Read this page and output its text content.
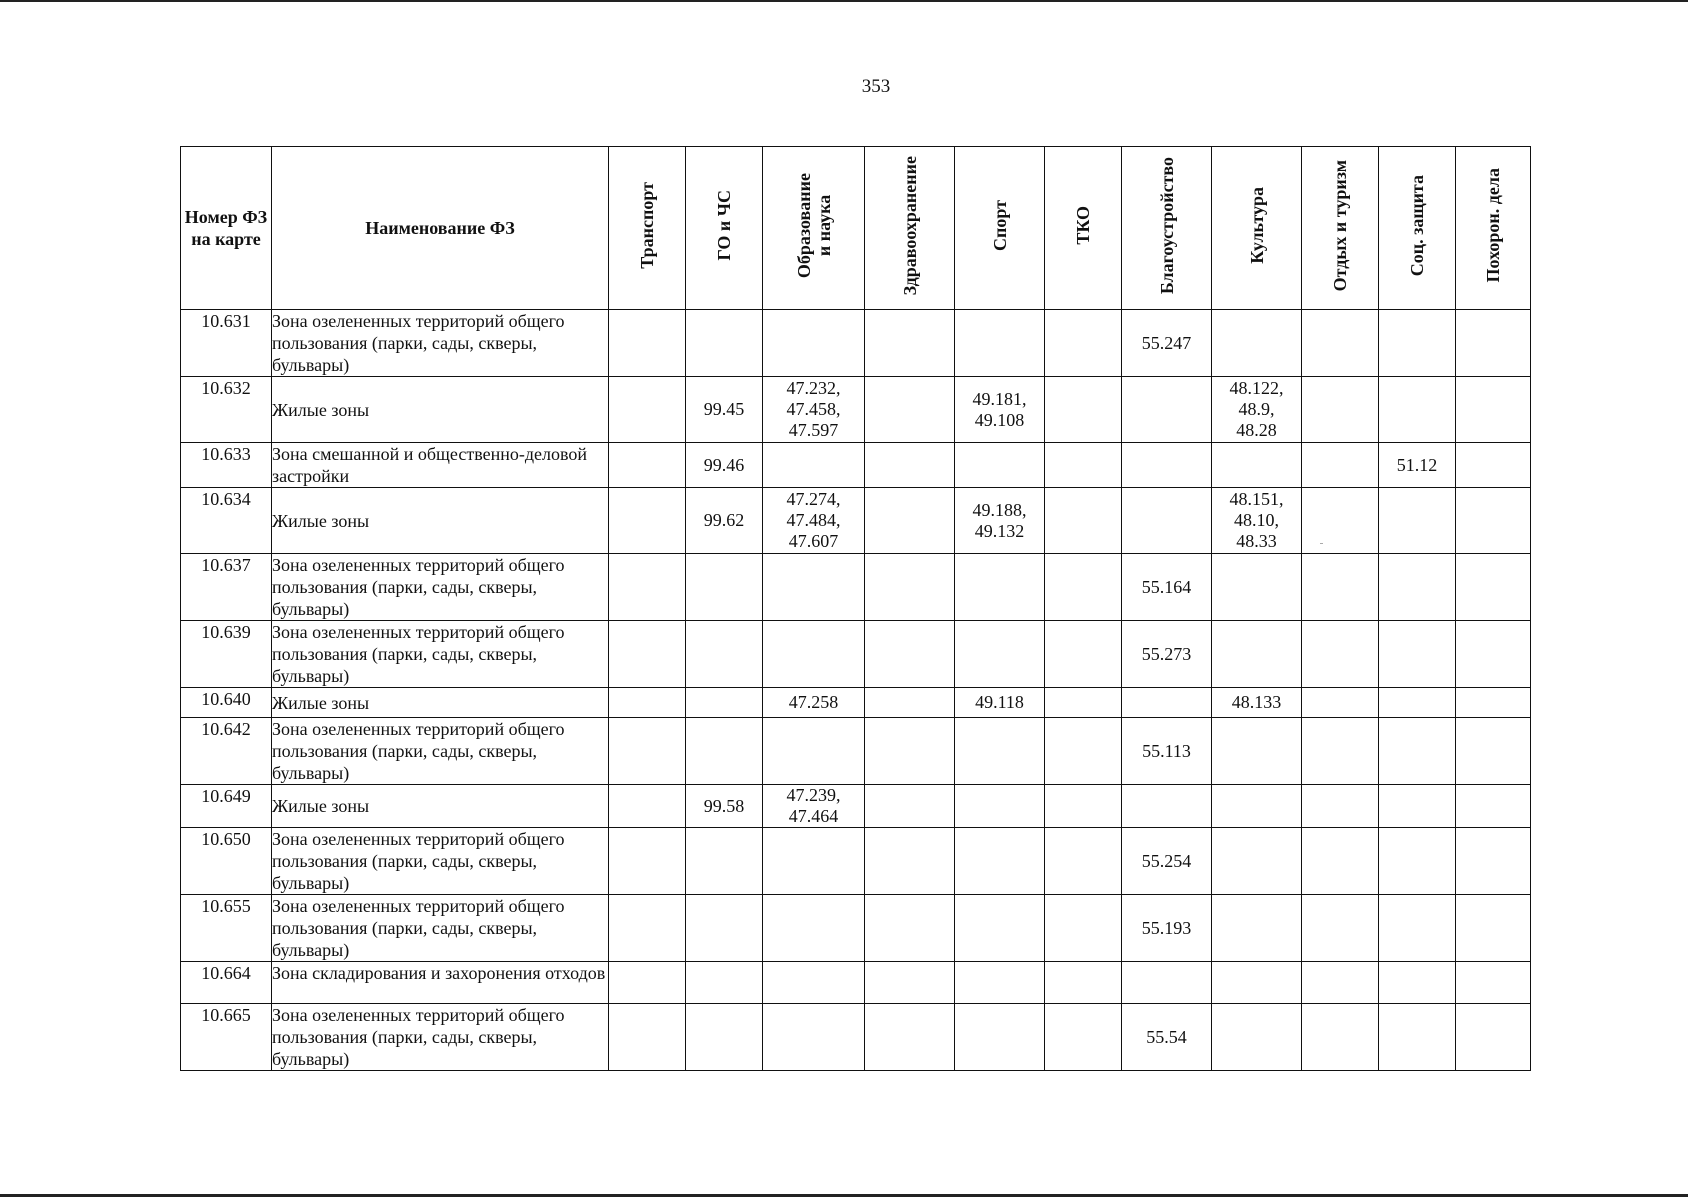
353
Номер ФЗ на карте	Наименование ФЗ	Транспорт	ГО и ЧС	Образование
и наука	Здравоохранение	Спорт	ТКО	Благоустройство	Культура	Отдых и туризм	Соц. защита	Похорон. дела
10.631	Зона озелененных территорий общего пользования (парки, сады, скверы, бульвары)							55.247				
10.632	Жилые зоны		99.45	47.232,
47.458,
47.597		49.181,
49.108			48.122,
48.9,
48.28			
10.633	Зона смешанной и общественно-деловой застройки		99.46								51.12	
10.634	Жилые зоны		99.62	47.274,
47.484,
47.607		49.188,
49.132			48.151,
48.10,
48.33			
10.637	Зона озелененных территорий общего пользования (парки, сады, скверы, бульвары)							55.164				
10.639	Зона озелененных территорий общего пользования (парки, сады, скверы, бульвары)							55.273				
10.640	Жилые зоны			47.258		49.118			48.133			
10.642	Зона озелененных территорий общего пользования (парки, сады, скверы, бульвары)							55.113				
10.649	Жилые зоны		99.58	47.239,
47.464								
10.650	Зона озелененных территорий общего пользования (парки, сады, скверы, бульвары)							55.254				
10.655	Зона озелененных территорий общего пользования (парки, сады, скверы, бульвары)							55.193				
10.664	Зона складирования и захоронения отходов											
10.665	Зона озелененных территорий общего пользования (парки, сады, скверы, бульвары)							55.54				
